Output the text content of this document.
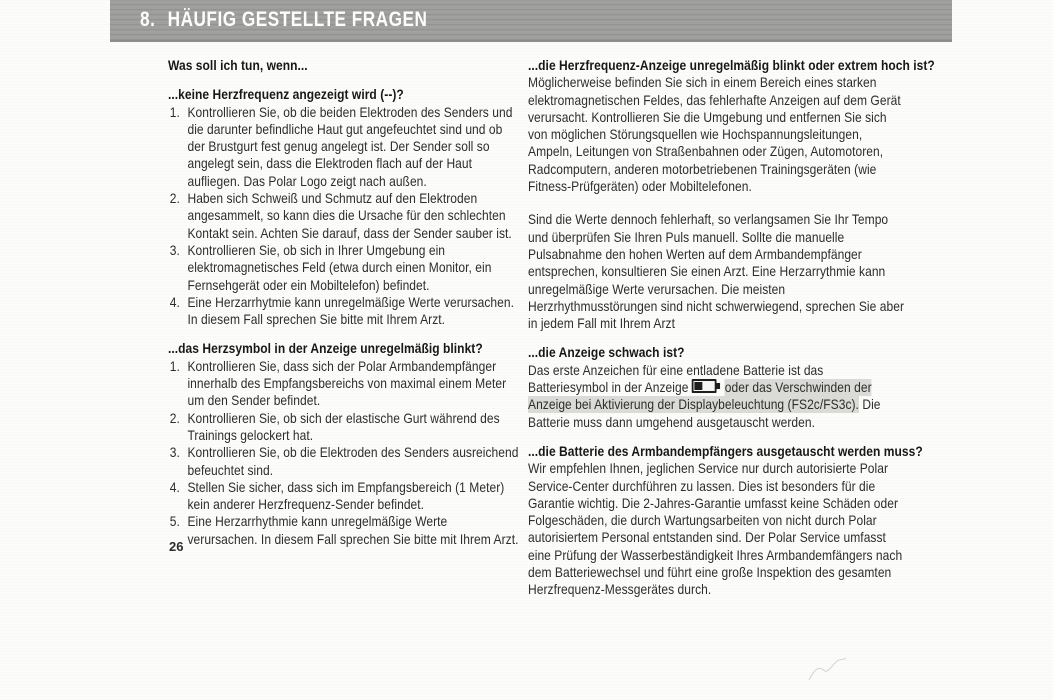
8. HÄUFIG GESTELLTE FRAGEN

Was soll ich tun, wenn...

...keine Herzfrequenz angezeigt wird (--)?
1. Kontrollieren Sie, ob die beiden Elektroden des Senders und die darunter befindliche Haut gut angefeuchtet sind und ob der Brustgurt fest genug angelegt ist. Der Sender soll so angelegt sein, dass die Elektroden flach auf der Haut aufliegen. Das Polar Logo zeigt nach außen.
2. Haben sich Schweiß und Schmutz auf den Elektroden angesammelt, so kann dies die Ursache für den schlechten Kontakt sein. Achten Sie darauf, dass der Sender sauber ist.
3. Kontrollieren Sie, ob sich in Ihrer Umgebung ein elektromagnetisches Feld (etwa durch einen Monitor, ein Fernsehgerät oder ein Mobiltelefon) befindet.
4. Eine Herzarrhytmie kann unregelmäßige Werte verursachen. In diesem Fall sprechen Sie bitte mit Ihrem Arzt.
...das Herzsymbol in der Anzeige unregelmäßig blinkt?
1. Kontrollieren Sie, dass sich der Polar Armbandempfänger innerhalb des Empfangsbereichs von maximal einem Meter um den Sender befindet.
2. Kontrollieren Sie, ob sich der elastische Gurt während des Trainings gelockert hat.
3. Kontrollieren Sie, ob die Elektroden des Senders ausreichend befeuchtet sind.
4. Stellen Sie sicher, dass sich im Empfangsbereich (1 Meter) kein anderer Herzfrequenz-Sender befindet.
5. Eine Herzarrhythmie kann unregelmäßige Werte verursachen. In diesem Fall sprechen Sie bitte mit Ihrem Arzt.
...die Herzfrequenz-Anzeige unregelmäßig blinkt oder extrem hoch ist?

Möglicherweise befinden Sie sich in einem Bereich eines starken elektromagnetischen Feldes, das fehlerhafte Anzeigen auf dem Gerät verursacht. Kontrollieren Sie die Umgebung und entfernen Sie sich von möglichen Störungsquellen wie Hochspannungsleitungen, Ampeln, Leitungen von Straßenbahnen oder Zügen, Automotoren, Radcomputern, anderen motorbetriebenen Trainingsgeräten (wie Fitness-Prüfgeräten) oder Mobiltelefonen.

Sind die Werte dennoch fehlerhaft, so verlangsamen Sie Ihr Tempo und überprüfen Sie Ihren Puls manuell. Sollte die manuelle Pulsabnahme den hohen Werten auf dem Armbandempfänger entsprechen, konsultieren Sie einen Arzt. Eine Herzarrythmie kann unregelmäßige Werte verursachen. Die meisten Herzrhythmusstörungen sind nicht schwerwiegend, sprechen Sie aber in jedem Fall mit Ihrem Arzt

...die Anzeige schwach ist?

Das erste Anzeichen für eine entladene Batterie ist das Batteriesymbol in der Anzeige	oder das Verschwinden der Anzeige bei Aktivierung der Displaybeleuchtung (FS2c/FS3c). Die Batterie muss dann umgehend ausgetauscht werden.

...die Batterie des Armbandempfängers ausgetauscht werden muss?

Wir empfehlen Ihnen, jeglichen Service nur durch autorisierte Polar Service-Center durchführen zu lassen. Dies ist besonders für die Garantie wichtig. Die 2-Jahres-Garantie umfasst keine Schäden oder Folgeschäden, die durch Wartungsarbeiten von nicht durch Polar autorisiertem Personal entstanden sind. Der Polar Service umfasst eine Prüfung der Wasserbeständigkeit Ihres Armbandemfängers nach dem Batteriewechsel und führt eine große Inspektion des gesamten Herzfrequenz-Messgerätes durch.

26
